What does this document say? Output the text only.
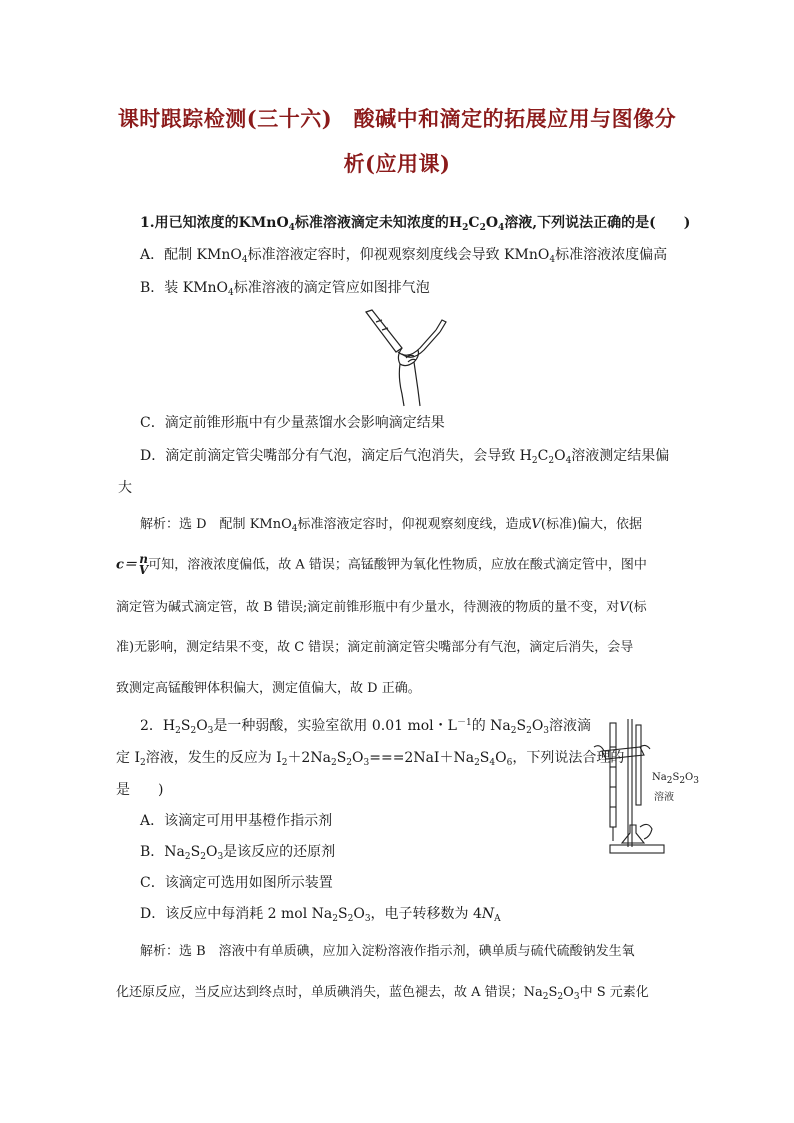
课时跟踪检测(三十六)　酸碱中和滴定的拓展应用与图像分
析(应用课)
1.用已知浓度的KMnO$_4$标准溶液滴定未知浓度的$H_2C_2O_4$溶液,下列说法正确的是(　　)
A．配制 KMnO$_4$标准溶液定容时，仰视观察刻度线会导致 KMnO$_4$标准溶液浓度偏高
B．装 KMnO$_4$标准溶液的滴定管应如图排气泡
C．滴定前锥形瓶中有少量蒸馏水会影响滴定结果
D．滴定前滴定管尖嘴部分有气泡，滴定后气泡消失，会导致 $H_2C_2O_4$溶液测定结果偏
大
解析：选 D　配制 KMnO$_4$标准溶液定容时，仰视观察刻度线，造成V(标准)偏大，依据
c＝ n
V 可知，溶液浓度偏低，故 A 错误；高锰酸钾为氧化性物质，应放在酸式滴定管中，图中
滴定管为碱式滴定管，故 B 错误;滴定前锥形瓶中有少量水，待测液的物质的量不变，对V(标
准)无影响，测定结果不变，故 C 错误；滴定前滴定管尖嘴部分有气泡，滴定后消失，会导
致测定高锰酸钾体积偏大，测定值偏大，故 D 正确。
2．$H_2S_2O_3$是一种弱酸，实验室欲用 0.01 mol・$L^{-1}$的 $Na_2S_2O_3$溶液滴
定 $I_2$溶液，发生的反应为 $I_2+2Na_2S_2O_3===2NaI+Na_2S_4O_6$，下列说法合理的
是　　)
A．该滴定可用甲基橙作指示剂
B．$Na_2S_2O_3$是该反应的还原剂
C．该滴定可选用如图所示装置
D．该反应中每消耗 2 mol $Na_2S_2O_3$，电子转移数为 $4N_A$
$Na_2S_2O_3$
溶液
解析：选 B　溶液中有单质碘，应加入淀粉溶液作指示剂，碘单质与硫代硫酸钠发生氧
化还原反应，当反应达到终点时，单质碘消失，蓝色褪去，故 A 错误；$Na_2S_2O_3$中 S 元素化
